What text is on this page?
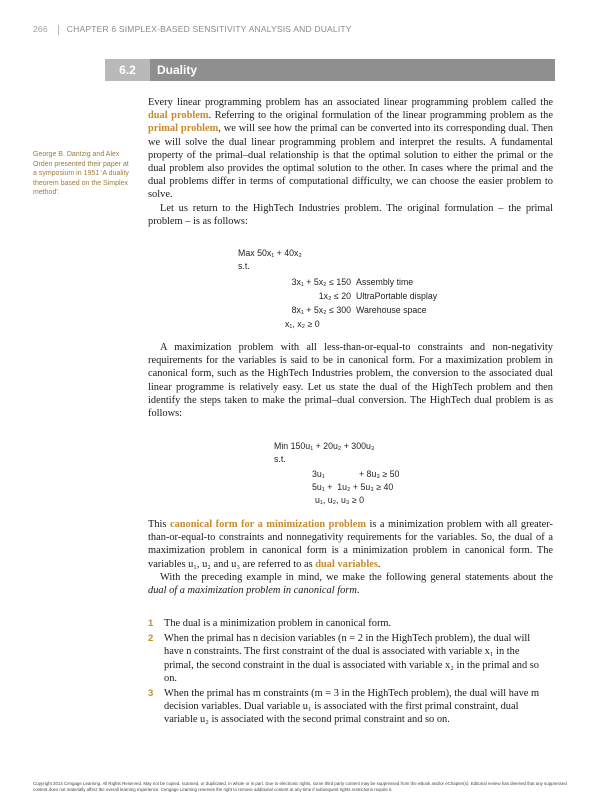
266 CHAPTER 6 SIMPLEX-BASED SENSITIVITY ANALYSIS AND DUALITY
6.2	Duality
George B. Dantzig and Alex Orden presented their paper at a symposium in 1951 'A duality theorem based on the Simplex method'.

Every linear programming problem has an associated linear programming problem called the dual problem. Referring to the original formulation of the linear programming problem as the primal problem, we will see how the primal can be converted into its corresponding dual. Then we will solve the dual linear programming problem and interpret the results. A fundamental property of the primal–dual relationship is that the optimal solution to either the primal or the dual problem also provides the optimal solution to the other. In cases where the primal and the dual problems differ in terms of computational difficulty, we can choose the easier problem to solve.

Let us return to the HighTech Industries problem. The original formulation – the primal problem – is as follows:

Max 50x₁ + 40x₂
s.t.
3x₁ + 5x₂ ≤ 150 Assembly time
1x₂ ≤ 20 UltraPortable display
8x₁ + 5x₂ ≤ 300 Warehouse space
x₁, x₂ ≥ 0

A maximization problem with all less-than-or-equal-to constraints and non-negativity requirements for the variables is said to be in canonical form. For a maximization problem in canonical form, such as the HighTech Industries problem, the conversion to the associated dual linear programme is relatively easy. Let us state the dual of the HighTech problem and then identify the steps taken to make the primal–dual conversion. The HighTech dual problem is as follows:

Min 150u₁ + 20u₂ + 300u₃
s.t.
3u₁              + 8u₃ ≥ 50
5u₁ +  1u₂ + 5u₃ ≥ 40
u₁, u₂, u₃ ≥ 0

This canonical form for a minimization problem is a minimization problem with all greater-than-or-equal-to constraints and nonnegativity requirements for the variables. So, the dual of a maximization problem in canonical form is a minimization problem in canonical form. The variables u₁, u₂ and u₃ are referred to as dual variables.

With the preceding example in mind, we make the following general statements about the dual of a maximization problem in canonical form.

1	The dual is a minimization problem in canonical form.
2	When the primal has n decision variables (n = 2 in the HighTech problem), the dual will have n constraints. The first constraint of the dual is associated with variable x₁ in the primal, the second constraint in the dual is associated with variable x₂ in the primal and so on.
3	When the primal has m constraints (m = 3 in the HighTech problem), the dual will have m decision variables. Dual variable u₁ is associated with the first primal constraint, dual variable u₂ is associated with the second primal constraint and so on.
Copyright 2014 Cengage Learning. All Rights Reserved. May not be copied, scanned, or duplicated, in whole or in part. Due to electronic rights, some third party content may be suppressed from the eBook and/or eChapter(s). Editorial review has deemed that any suppressed content does not materially affect the overall learning experience. Cengage Learning reserves the right to remove additional content at any time if subsequent rights restrictions require it.
